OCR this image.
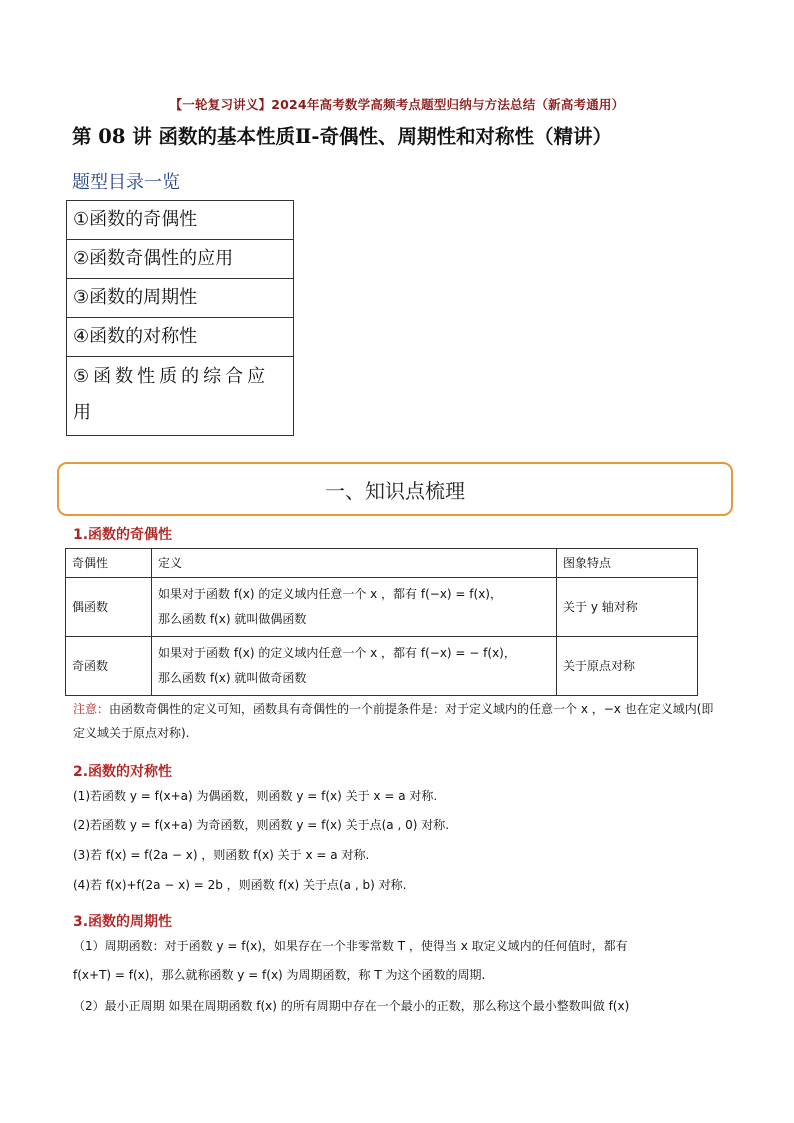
【一轮复习讲义】2024年高考数学高频考点题型归纳与方法总结（新高考通用）
第 08 讲 函数的基本性质Ⅱ-奇偶性、周期性和对称性（精讲）
题型目录一览
①函数的奇偶性
②函数奇偶性的应用
③函数的周期性
④函数的对称性
⑤函数性质的综合应用
一、知识点梳理
1.函数的奇偶性
奇偶性	定义	图象特点
偶函数	如果对于函数 f(x) 的定义域内任意一个 x ，都有 f(−x) = f(x)，
那么函数 f(x) 就叫做偶函数	关于 y 轴对称
奇函数	如果对于函数 f(x) 的定义域内任意一个 x ，都有 f(−x) = − f(x)，
那么函数 f(x) 就叫做奇函数	关于原点对称
注意：由函数奇偶性的定义可知，函数具有奇偶性的一个前提条件是：对于定义域内的任意一个 x ，−x 也在定义域内(即定义域关于原点对称).
2.函数的对称性
(1)若函数 y = f(x+a) 为偶函数，则函数 y = f(x) 关于 x = a 对称.
(2)若函数 y = f(x+a) 为奇函数，则函数 y = f(x) 关于点(a , 0) 对称.
(3)若 f(x) = f(2a − x) ，则函数 f(x) 关于 x = a 对称.
(4)若 f(x)+f(2a − x) = 2b ，则函数 f(x) 关于点(a , b) 对称.
3.函数的周期性
（1）周期函数：对于函数 y = f(x)，如果存在一个非零常数 T ，使得当 x 取定义域内的任何值时，都有
f(x+T) = f(x)，那么就称函数 y = f(x) 为周期函数，称 T 为这个函数的周期.
（2）最小正周期 如果在周期函数 f(x) 的所有周期中存在一个最小的正数，那么称这个最小整数叫做 f(x)
